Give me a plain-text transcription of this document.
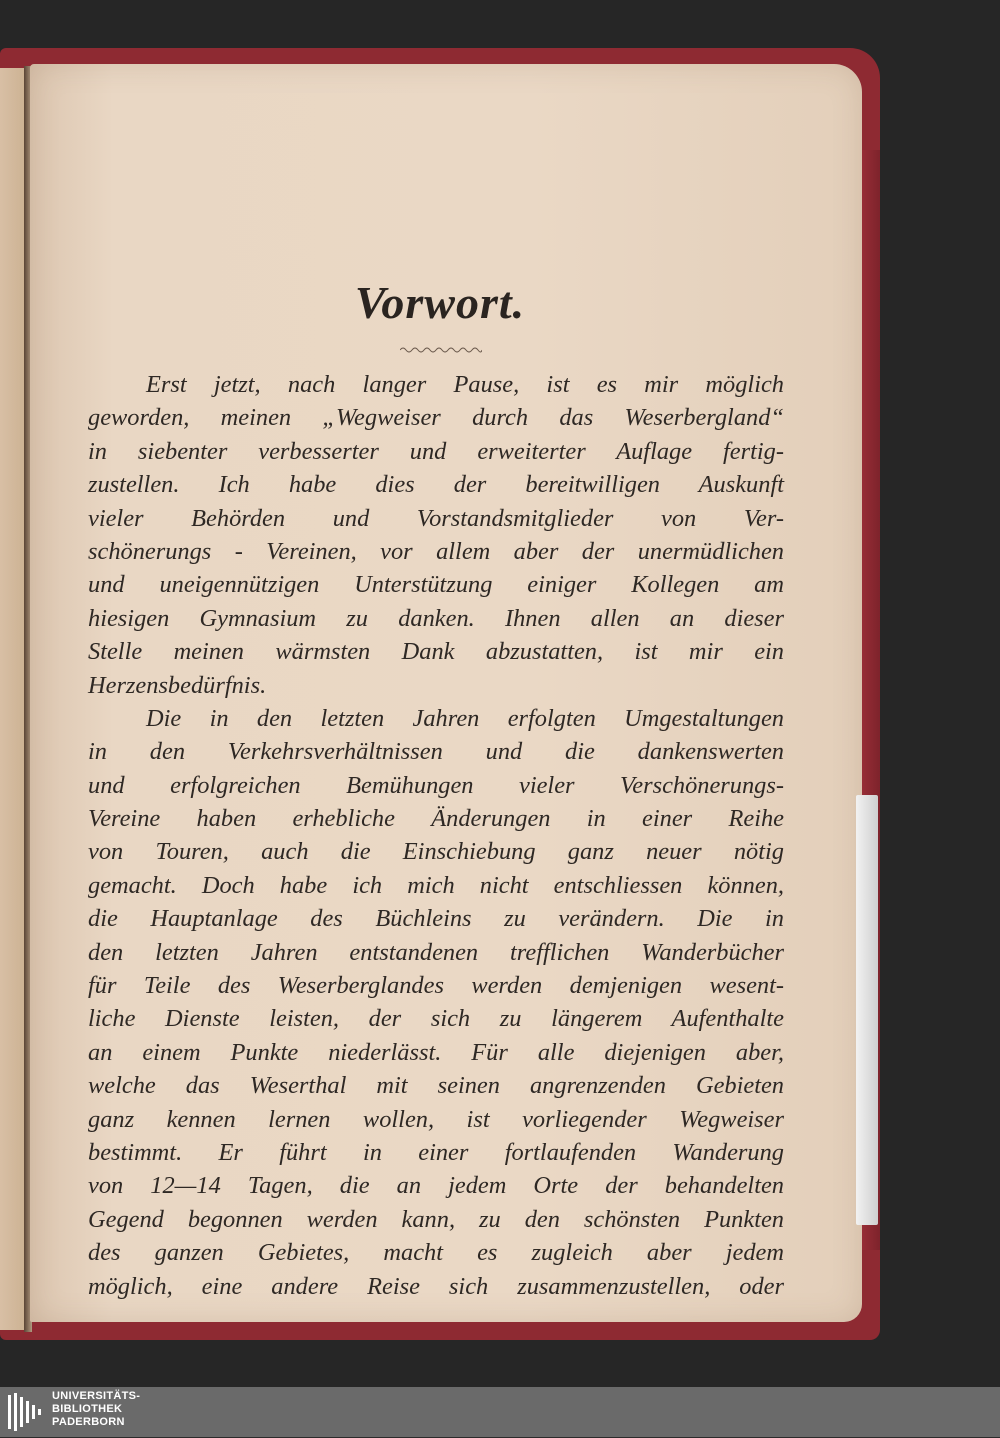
Vorwort.
Erst jetzt, nach langer Pause, ist es mir möglich
geworden, meinen „Wegweiser durch das Weserbergland“
in siebenter verbesserter und erweiterter Auflage fertig-
zustellen. Ich habe dies der bereitwilligen Auskunft
vieler Behörden und Vorstandsmitglieder von Ver-
schönerungs - Vereinen, vor allem aber der unermüdlichen
und uneigennützigen Unterstützung einiger Kollegen am
hiesigen Gymnasium zu danken. Ihnen allen an dieser
Stelle meinen wärmsten Dank abzustatten, ist mir ein
Herzensbedürfnis.
Die in den letzten Jahren erfolgten Umgestaltungen
in den Verkehrsverhältnissen und die dankenswerten
und erfolgreichen Bemühungen vieler Verschönerungs-
Vereine haben erhebliche Änderungen in einer Reihe
von Touren, auch die Einschiebung ganz neuer nötig
gemacht. Doch habe ich mich nicht entschliessen können,
die Hauptanlage des Büchleins zu verändern. Die in
den letzten Jahren entstandenen trefflichen Wanderbücher
für Teile des Weserberglandes werden demjenigen wesent-
liche Dienste leisten, der sich zu längerem Aufenthalte
an einem Punkte niederlässt. Für alle diejenigen aber,
welche das Weserthal mit seinen angrenzenden Gebieten
ganz kennen lernen wollen, ist vorliegender Wegweiser
bestimmt. Er führt in einer fortlaufenden Wanderung
von 12—14 Tagen, die an jedem Orte der behandelten
Gegend begonnen werden kann, zu den schönsten Punkten
des ganzen Gebietes, macht es zugleich aber jedem
möglich, eine andere Reise sich zusammenzustellen, oder
UNIVERSITÄTS-
BIBLIOTHEK
PADERBORN
